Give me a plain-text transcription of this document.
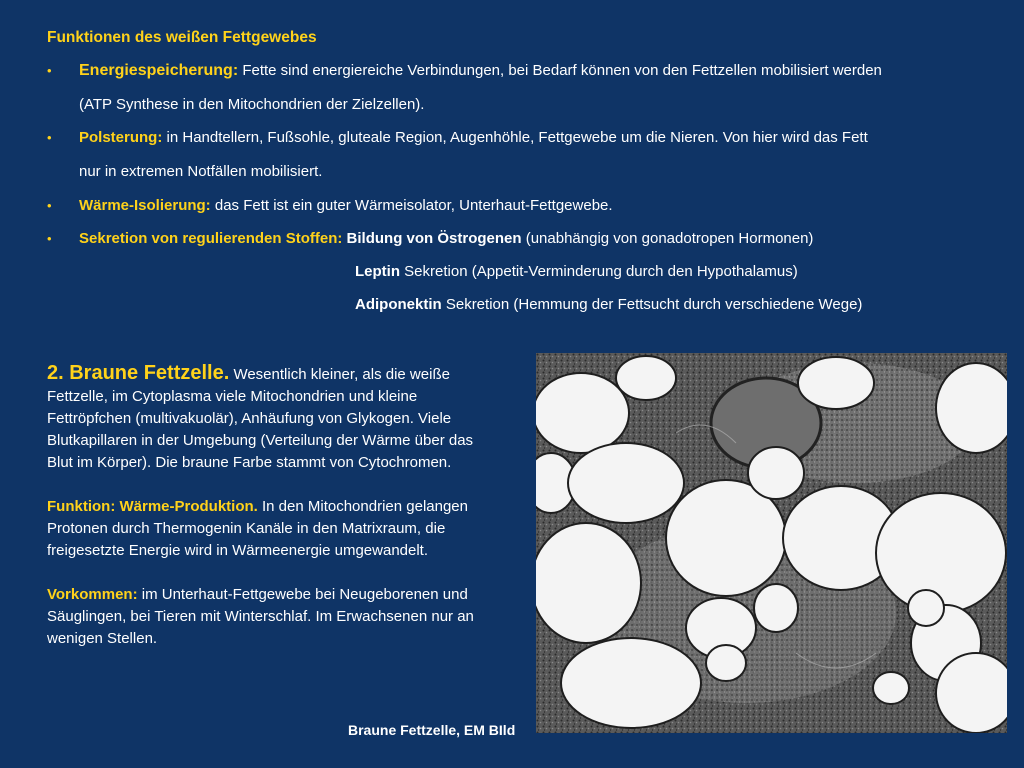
Funktionen des weißen Fettgewebes
• Energiespeicherung: Fette sind energiereiche Verbindungen, bei Bedarf können von den Fettzellen mobilisiert werden
(ATP Synthese in den Mitochondrien der Zielzellen).
• Polsterung: in Handtellern, Fußsohle, gluteale Region, Augenhöhle, Fettgewebe um die Nieren. Von hier wird das Fett
nur in extremen Notfällen mobilisiert.
• Wärme-Isolierung: das Fett ist ein guter Wärmeisolator, Unterhaut-Fettgewebe.
• Sekretion von regulierenden Stoffen: Bildung von Östrogenen (unabhängig von gonadotropen Hormonen)
Leptin Sekretion (Appetit-Verminderung durch den Hypothalamus)
Adiponektin Sekretion (Hemmung der Fettsucht durch verschiedene Wege)

2. Braune Fettzelle. Wesentlich kleiner, als die weiße Fettzelle, im Cytoplasma viele Mitochondrien und kleine Fettröpfchen (multivakuolär), Anhäufung von Glykogen. Viele Blutkapillaren in der Umgebung (Verteilung der Wärme über das Blut im Körper). Die braune Farbe stammt von Cytochromen.

Funktion: Wärme-Produktion. In den Mitochondrien gelangen Protonen durch Thermogenin Kanäle in den Matrixraum, die freigesetzte Energie wird in Wärmeenergie umgewandelt.

Vorkommen: im Unterhaut-Fettgewebe bei Neugeborenen und Säuglingen, bei Tieren mit Winterschlaf. Im Erwachsenen nur an wenigen Stellen.

Braune Fettzelle, EM BIld
